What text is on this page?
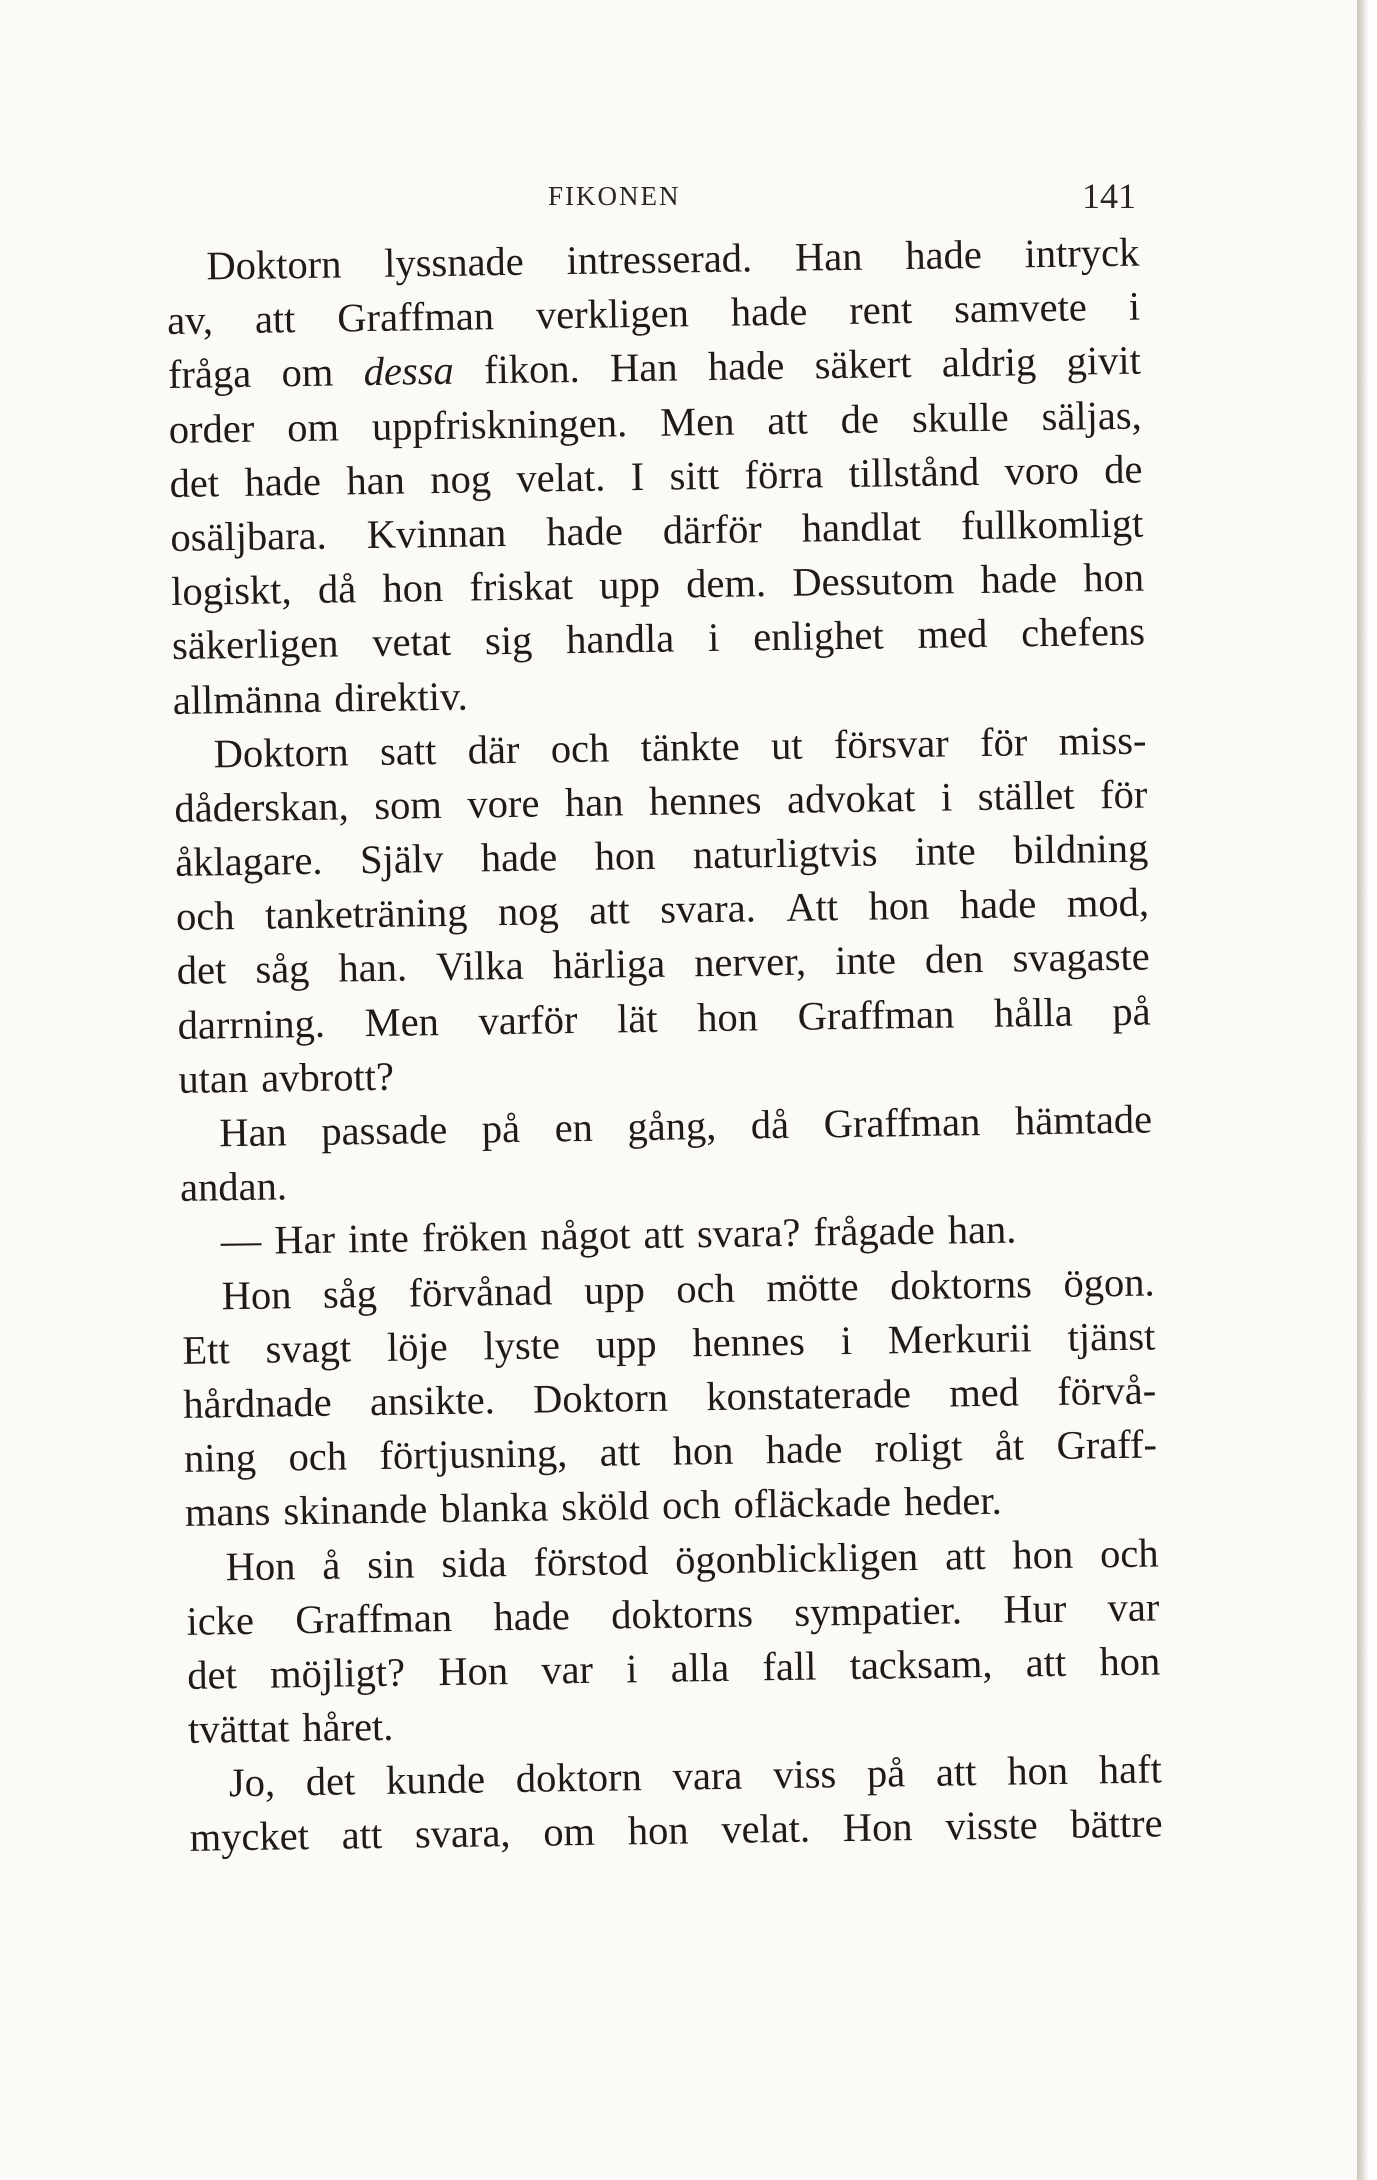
FIKONEN	141
Doktorn lyssnade intresserad. Han hade intryck
av, att Graffman verkligen hade rent samvete i
fråga om dessa fikon. Han hade säkert aldrig givit
order om uppfriskningen. Men att de skulle säljas,
det hade han nog velat. I sitt förra tillstånd voro de
osäljbara. Kvinnan hade därför handlat fullkomligt
logiskt, då hon friskat upp dem. Dessutom hade hon
säkerligen vetat sig handla i enlighet med chefens
allmänna direktiv.
Doktorn satt där och tänkte ut försvar för miss-
dåderskan, som vore han hennes advokat i stället för
åklagare. Själv hade hon naturligtvis inte bildning
och tanketräning nog att svara. Att hon hade mod,
det såg han. Vilka härliga nerver, inte den svagaste
darrning. Men varför lät hon Graffman hålla på
utan avbrott?
Han passade på en gång, då Graffman hämtade
andan.
— Har inte fröken något att svara? frågade han.
Hon såg förvånad upp och mötte doktorns ögon.
Ett svagt löje lyste upp hennes i Merkurii tjänst
hårdnade ansikte. Doktorn konstaterade med förvå-
ning och förtjusning, att hon hade roligt åt Graff-
mans skinande blanka sköld och ofläckade heder.
Hon å sin sida förstod ögonblickligen att hon och
icke Graffman hade doktorns sympatier. Hur var
det möjligt? Hon var i alla fall tacksam, att hon
tvättat håret.
Jo, det kunde doktorn vara viss på att hon haft
mycket att svara, om hon velat. Hon visste bättre
